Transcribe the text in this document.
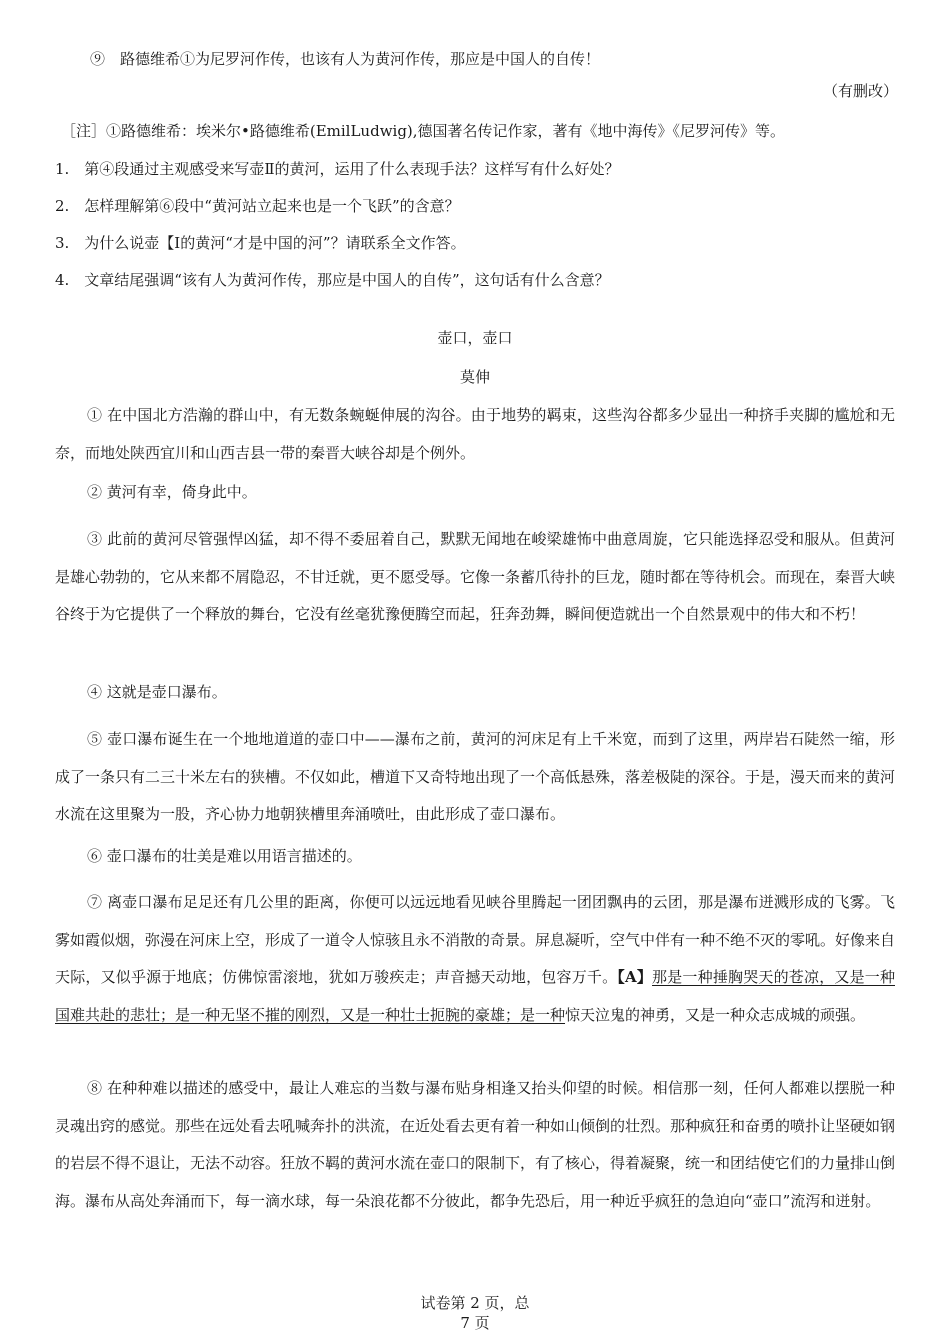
⑨　路德维希①为尼罗河作传，也该有人为黄河作传，那应是中国人的自传！
（有删改）
［注］①路德维希：埃米尔•路德维希(EmilLudwig),德国著名传记作家，著有《地中海传》《尼罗河传》等。
1.　第④段通过主观感受来写壶Ⅱ的黄河，运用了什么表现手法？这样写有什么好处？
2.　怎样理解第⑥段中“黄河站立起来也是一个飞跃”的含意？
3.　为什么说壶【Ⅰ的黄河“才是中国的河”？请联系全文作答。
4.　文章结尾强调“该有人为黄河作传，那应是中国人的自传”，这句话有什么含意？
壶口，壶口
莫伸
① 在中国北方浩瀚的群山中，有无数条蜿蜒伸展的沟谷。由于地势的羁束，这些沟谷都多少显出一种挤手夹脚的尴尬和无奈，而地处陕西宜川和山西吉县一带的秦晋大峡谷却是个例外。
② 黄河有幸，倚身此中。
③ 此前的黄河尽管强悍凶猛，却不得不委屈着自己，默默无闻地在峻梁雄怖中曲意周旋，它只能选择忍受和服从。但黄河是雄心勃勃的，它从来都不屑隐忍，不甘迁就，更不愿受辱。它像一条蓄爪待扑的巨龙，随时都在等待机会。而现在，秦晋大峡谷终于为它提供了一个释放的舞台，它没有丝毫犹豫便腾空而起，狂奔劲舞，瞬间便造就出一个自然景观中的伟大和不朽！
④ 这就是壶口瀑布。
⑤ 壶口瀑布诞生在一个地地道道的壶口中——瀑布之前，黄河的河床足有上千米宽，而到了这里，两岸岩石陡然一缩，形成了一条只有二三十米左右的狭槽。不仅如此，槽道下又奇特地出现了一个高低悬殊，落差极陡的深谷。于是，漫天而来的黄河水流在这里聚为一股，齐心协力地朝狭槽里奔涌喷吐，由此形成了壶口瀑布。
⑥ 壶口瀑布的壮美是难以用语言描述的。
⑦ 离壶口瀑布足足还有几公里的距离，你便可以远远地看见峡谷里腾起一团团飘冉的云团，那是瀑布迸溅形成的飞雾。飞雾如霞似烟，弥漫在河床上空，形成了一道令人惊骇且永不消散的奇景。屏息凝听，空气中伴有一种不绝不灭的零吼。好像来自天际，又似乎源于地底；仿佛惊雷滚地，犹如万骏疾走；声音撼天动地，包容万千。【A】那是一种捶胸哭天的苍凉，又是一种国难共赴的悲壮；是一种无坚不摧的刚烈，又是一种壮士扼腕的豪雄；是一种惊天泣鬼的神勇，又是一种众志成城的顽强。
⑧ 在种种难以描述的感受中，最让人难忘的当数与瀑布贴身相逢又抬头仰望的时候。相信那一刻，任何人都难以摆脱一种灵魂出窍的感觉。那些在远处看去吼喊奔扑的洪流，在近处看去更有着一种如山倾倒的壮烈。那种疯狂和奋勇的喷扑让坚硬如钢的岩层不得不退让，无法不动容。狂放不羁的黄河水流在壶口的限制下，有了核心，得着凝聚，统一和团结使它们的力量排山倒海。瀑布从高处奔涌而下，每一滴水球，每一朵浪花都不分彼此，都争先恐后，用一种近乎疯狂的急迫向“壶口”流泻和迸射。
试卷第 2 页，总
7 页
